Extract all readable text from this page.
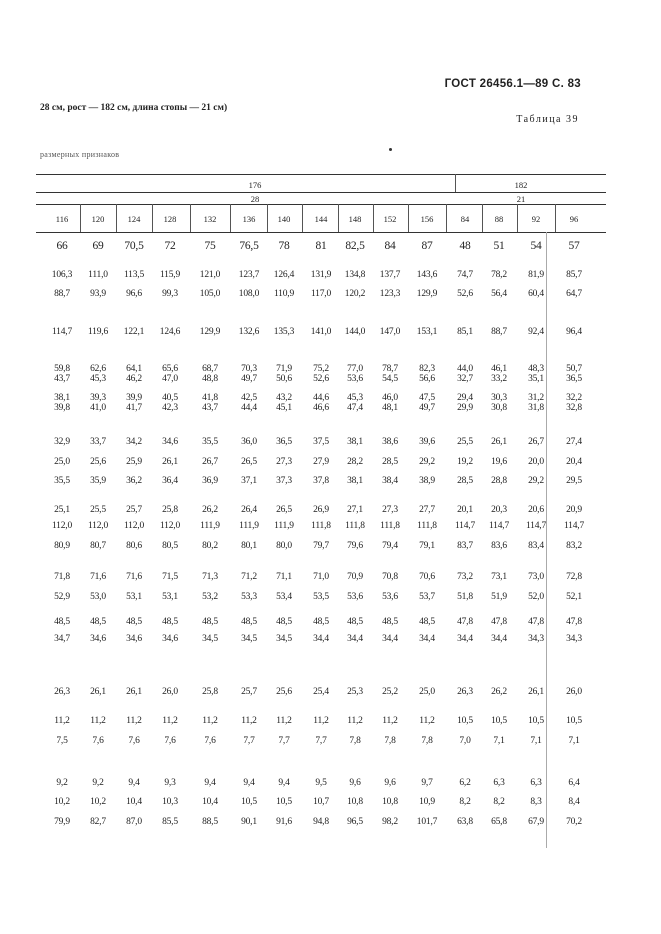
ГОСТ 26456.1—89 С. 83
28 см, рост — 182 см, длина стопы — 21 см)
Таблица 39
размерных признаков
176	182
28	21
116	120	124	128	132	136	140	144	148	152	156	84	88	92	96
66 69 70,5 72	75 76,5 78 81 82,5 84 87 48 51 54 57
106,3 111,0 113,5 115,9 121,0 123,7 126,4 131,9 134,8 137,7 143,6 74,7 78,2 81,9 85,7
88,7 93,9 96,6 99,3 105,0 108,0 110,9 117,0 120,2 123,3 129,9 52,6 56,4 60,4 64,7
114,7 119,6 122,1 124,6 129,9 132,6 135,3 141,0 144,0 147,0 153,1 85,1 88,7 92,4 96,4
59,8 62,6 64,1 65,6	68,7 70,3 71,9 75,2 77,0 78,7 82,3 44,0 46,1 48,3 50,7
43,7 45,3 46,2 47,0	48,8 49,7 50,6 52,6 53,6 54,5 56,6 32,7 33,2 35,1 36,5
38,1 39,3 39,9 40,5	41,8 42,5 43,2 44,6 45,3 46,0 47,5 29,4 30,3 31,2 32,2
39,8 41,0 41,7 42,3	43,7 44,4 45,1 46,6 47,4 48,1 49,7 29,9 30,8 31,8 32,8
32,9 33,7 34,2 34,6	35,5 36,0 36,5 37,5 38,1 38,6 39,6 25,5 26,1 26,7 27,4
25,0 25,6 25,9 26,1	26,7 26,5 27,3 27,9 28,2 28,5 29,2 19,2 19,6 20,0 20,4
35,5 35,9 36,2 36,4	36,9 37,1 37,3 37,8 38,1 38,4 38,9 28,5 28,8 29,2 29,5
25,1 25,5 25,7 25,8	26,2 26,4 26,5 26,9 27,1 27,3 27,7 20,1 20,3 20,6 20,9
112,0 112,0 112,0 112,0 111,9 111,9 111,9 111,8 111,8 111,8 111,8 114,7 114,7 114,7 114,7
80,9 80,7 80,6 80,5	80,2 80,1 80,0 79,7 79,6 79,4 79,1 83,7 83,6 83,4 83,2
71,8 71,6 71,6 71,5	71,3 71,2 71,1 71,0 70,9 70,8 70,6 73,2 73,1 73,0 72,8
52,9 53,0 53,1 53,1	53,2 53,3 53,4 53,5 53,6 53,6 53,7 51,8 51,9 52,0 52,1
48,5 48,5 48,5 48,5	48,5 48,5 48,5 48,5 48,5 48,5 48,5 47,8 47,8 47,8 47,8
34,7 34,6 34,6 34,6	34,5 34,5 34,5 34,4 34,4 34,4 34,4 34,4 34,4 34,3 34,3
26,3 26,1 26,1 26,0	25,8 25,7 25,6 25,4 25,3 25,2 25,0 26,3 26,2 26,1 26,0
11,2 11,2 11,2 11,2	11,2 11,2 11,2 11,2 11,2 11,2 11,2 10,5 10,5 10,5 10,5
7,5	7,6	7,6	7,6	7,6	7,7 7,7	7,7 7,8 7,8	7,8	7,0 7,1	7,1	7,1
9,2	9,2	9,4	9,3	9,4	9,4 9,4	9,5 9,6 9,6	9,7	6,2 6,3	6,3	6,4
10,2 10,2 10,4 10,3	10,4 10,5 10,5 10,7 10,8 10,8 10,9	8,2 8,2	8,3	8,4
79,9 82,7 87,0 85,5	88,5 90,1 91,6 94,8 96,5 98,2 101,7 63,8 65,8 67,9 70,2
